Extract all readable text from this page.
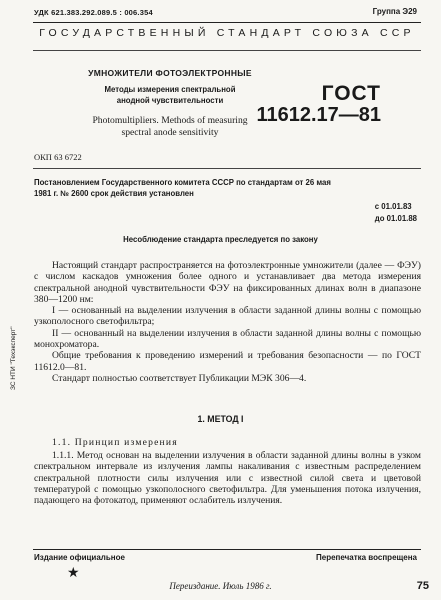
УДК 621.383.292.089.5 : 006.354	Группа Э29
ГОСУДАРСТВЕННЫЙ СТАНДАРТ СОЮЗА ССР
УМНОЖИТЕЛИ ФОТОЭЛЕКТРОННЫЕ
Методы измерения спектральной
анодной чувствительности
Photomultipliers. Methods of measuring
spectral anode sensitivity
ГОСТ
11612.17—81
ОКП 63 6722
Постановлением Государственного комитета СССР по стандартам от 26 мая
1981 г. № 2600 срок действия установлен
с 01.01.83
до 01.01.88
Несоблюдение стандарта преследуется по закону

Настоящий стандарт распространяется на фотоэлектронные умножители (далее — ФЭУ) с числом каскадов умножения более одного и устанавливает два метода измерения спектральной анодной чувствительности ФЭУ на фиксированных длинах волн в диапазоне 380—1200 нм:

I — основанный на выделении излучения в области заданной длины волны с помощью узкополосного светофильтра;

II — основанный на выделении излучения в области заданной длины волны с помощью монохроматора.

Общие требования к проведению измерений и требования безопасности — по ГОСТ 11612.0—81.

Стандарт полностью соответствует Публикации МЭК 306—4.

1. МЕТОД I
1.1. Принцип измерения

1.1.1. Метод основан на выделении излучения в области заданной длины волны в узком спектральном интервале из излучения лампы накаливания с известным распределением спектральной плотности силы излучения или с известной силой света и цветовой температурой с помощью узкополосного светофильтра. Для уменьшения потока излучения, падающего на фотокатод, применяют ослабитель излучения.

ЗС НТИ "Техэксперт"
Издание официальное	Перепечатка воспрещена
★
Переиздание. Июль 1986 г.	75
